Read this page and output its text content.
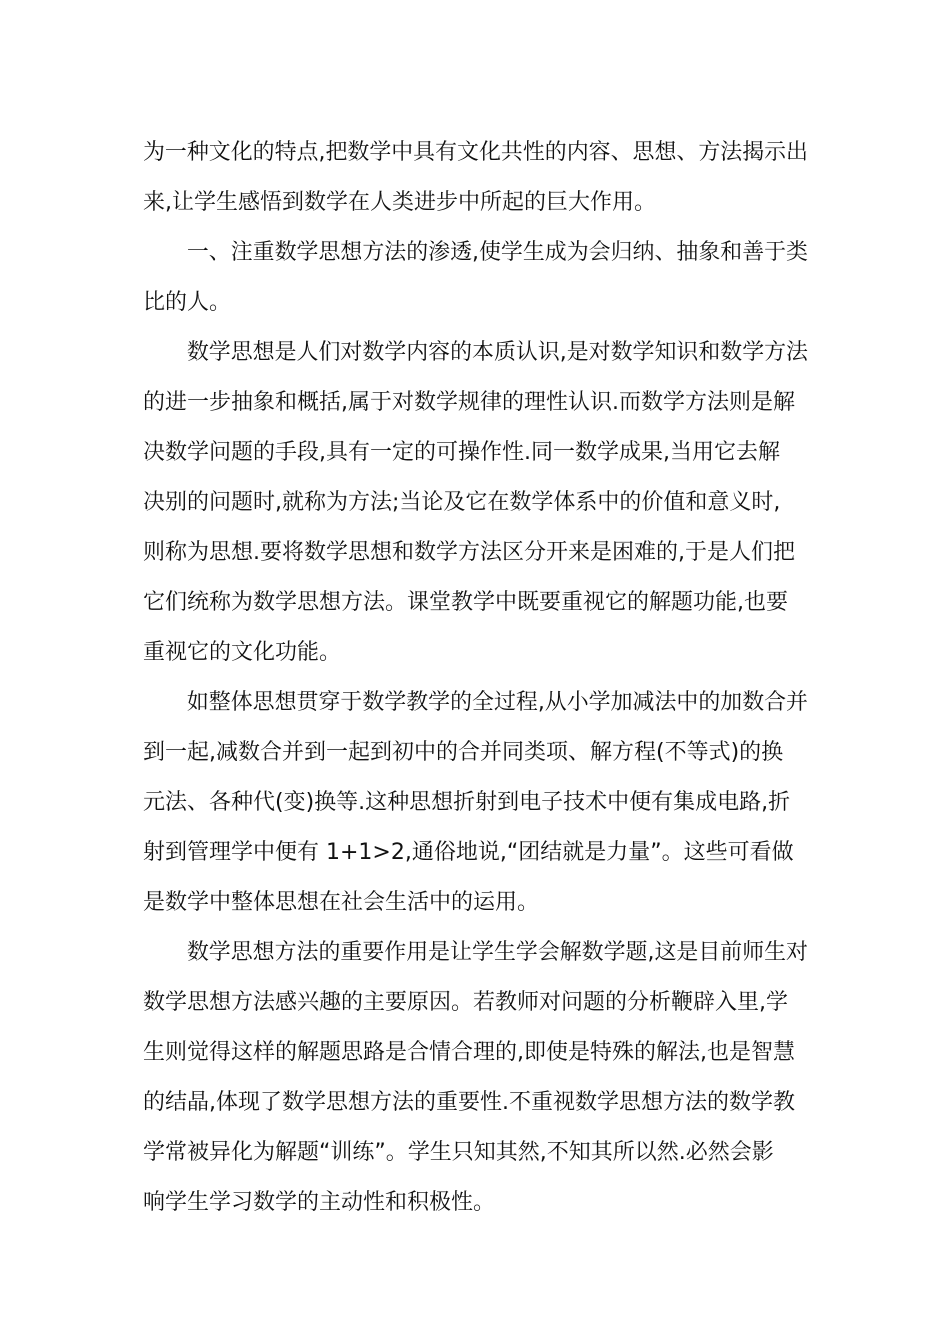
为一种文化的特点,把数学中具有文化共性的内容、思想、方法揭示出
来,让学生感悟到数学在人类进步中所起的巨大作用。

　　一、注重数学思想方法的渗透,使学生成为会归纳、抽象和善于类
比的人。

　　数学思想是人们对数学内容的本质认识,是对数学知识和数学方法
的进一步抽象和概括,属于对数学规律的理性认识.而数学方法则是解
决数学问题的手段,具有一定的可操作性.同一数学成果,当用它去解
决别的问题时,就称为方法;当论及它在数学体系中的价值和意义时,
则称为思想.要将数学思想和数学方法区分开来是困难的,于是人们把
它们统称为数学思想方法。课堂教学中既要重视它的解题功能,也要
重视它的文化功能。

　　如整体思想贯穿于数学教学的全过程,从小学加减法中的加数合并
到一起,减数合并到一起到初中的合并同类项、解方程(不等式)的换
元法、各种代(变)换等.这种思想折射到电子技术中便有集成电路,折
射到管理学中便有 1+1>2,通俗地说,“团结就是力量”。这些可看做
是数学中整体思想在社会生活中的运用。

　　数学思想方法的重要作用是让学生学会解数学题,这是目前师生对
数学思想方法感兴趣的主要原因。若教师对问题的分析鞭辟入里,学
生则觉得这样的解题思路是合情合理的,即使是特殊的解法,也是智慧
的结晶,体现了数学思想方法的重要性.不重视数学思想方法的数学教
学常被异化为解题“训练”。学生只知其然,不知其所以然.必然会影
响学生学习数学的主动性和积极性。
